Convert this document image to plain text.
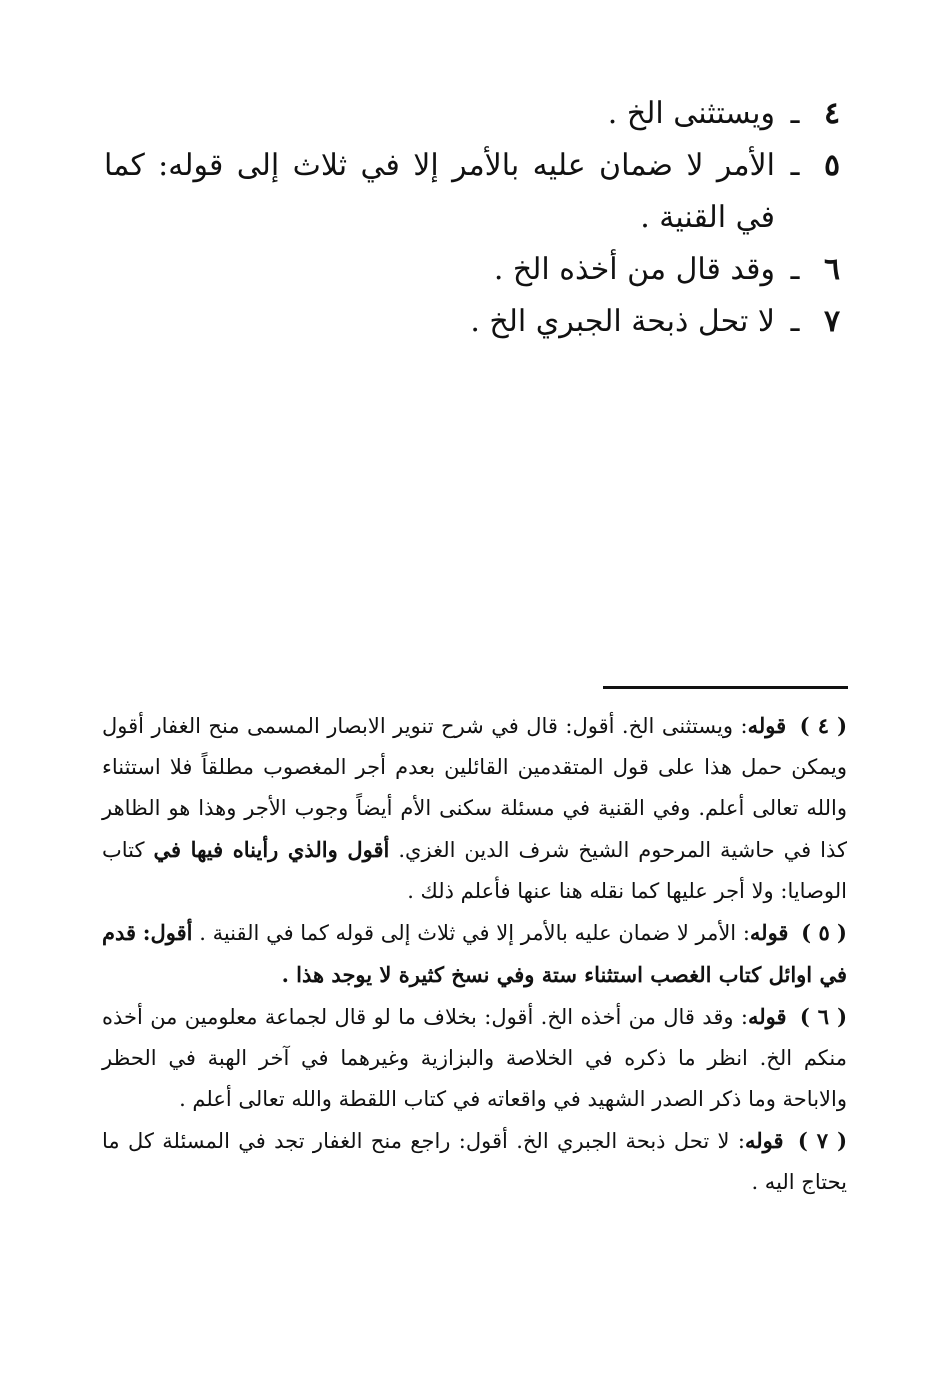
٤
ـ
ويستثنى الخ .
٥
ـ
الأمر لا ضمان عليه بالأمر إلا في ثلاث إلى قوله: كما في القنية .
٦
ـ
وقد قال من أخذه الخ .
٧
ـ
لا تحل ذبحة الجبري الخ .

( ٤ ) قوله: ويستثنى الخ. أقول: قال في شرح تنوير الابصار المسمى منح الغفار أقول ويمكن حمل هذا على قول المتقدمين القائلين بعدم أجر المغصوب مطلقاً فلا استثناء والله تعالى أعلم. وفي القنية في مسئلة سكنى الأم أيضاً وجوب الأجر وهذا هو الظاهر كذا في حاشية المرحوم الشيخ شرف الدين الغزي. أقول والذي رأيناه فيها في كتاب الوصايا: ولا أجر عليها كما نقله هنا عنها فأعلم ذلك .

( ٥ ) قوله: الأمر لا ضمان عليه بالأمر إلا في ثلاث إلى قوله كما في القنية . أقول: قدم في اوائل كتاب الغصب استثناء ستة وفي نسخ كثيرة لا يوجد هذا .

( ٦ ) قوله: وقد قال من أخذه الخ. أقول: بخلاف ما لو قال لجماعة معلومين من أخذه منكم الخ. انظر ما ذكره في الخلاصة والبزازية وغيرهما في آخر الهبة في الحظر والاباحة وما ذكر الصدر الشهيد في واقعاته في كتاب اللقطة والله تعالى أعلم .

( ٧ ) قوله: لا تحل ذبحة الجبري الخ. أقول: راجع منح الغفار تجد في المسئلة كل ما يحتاج اليه .
